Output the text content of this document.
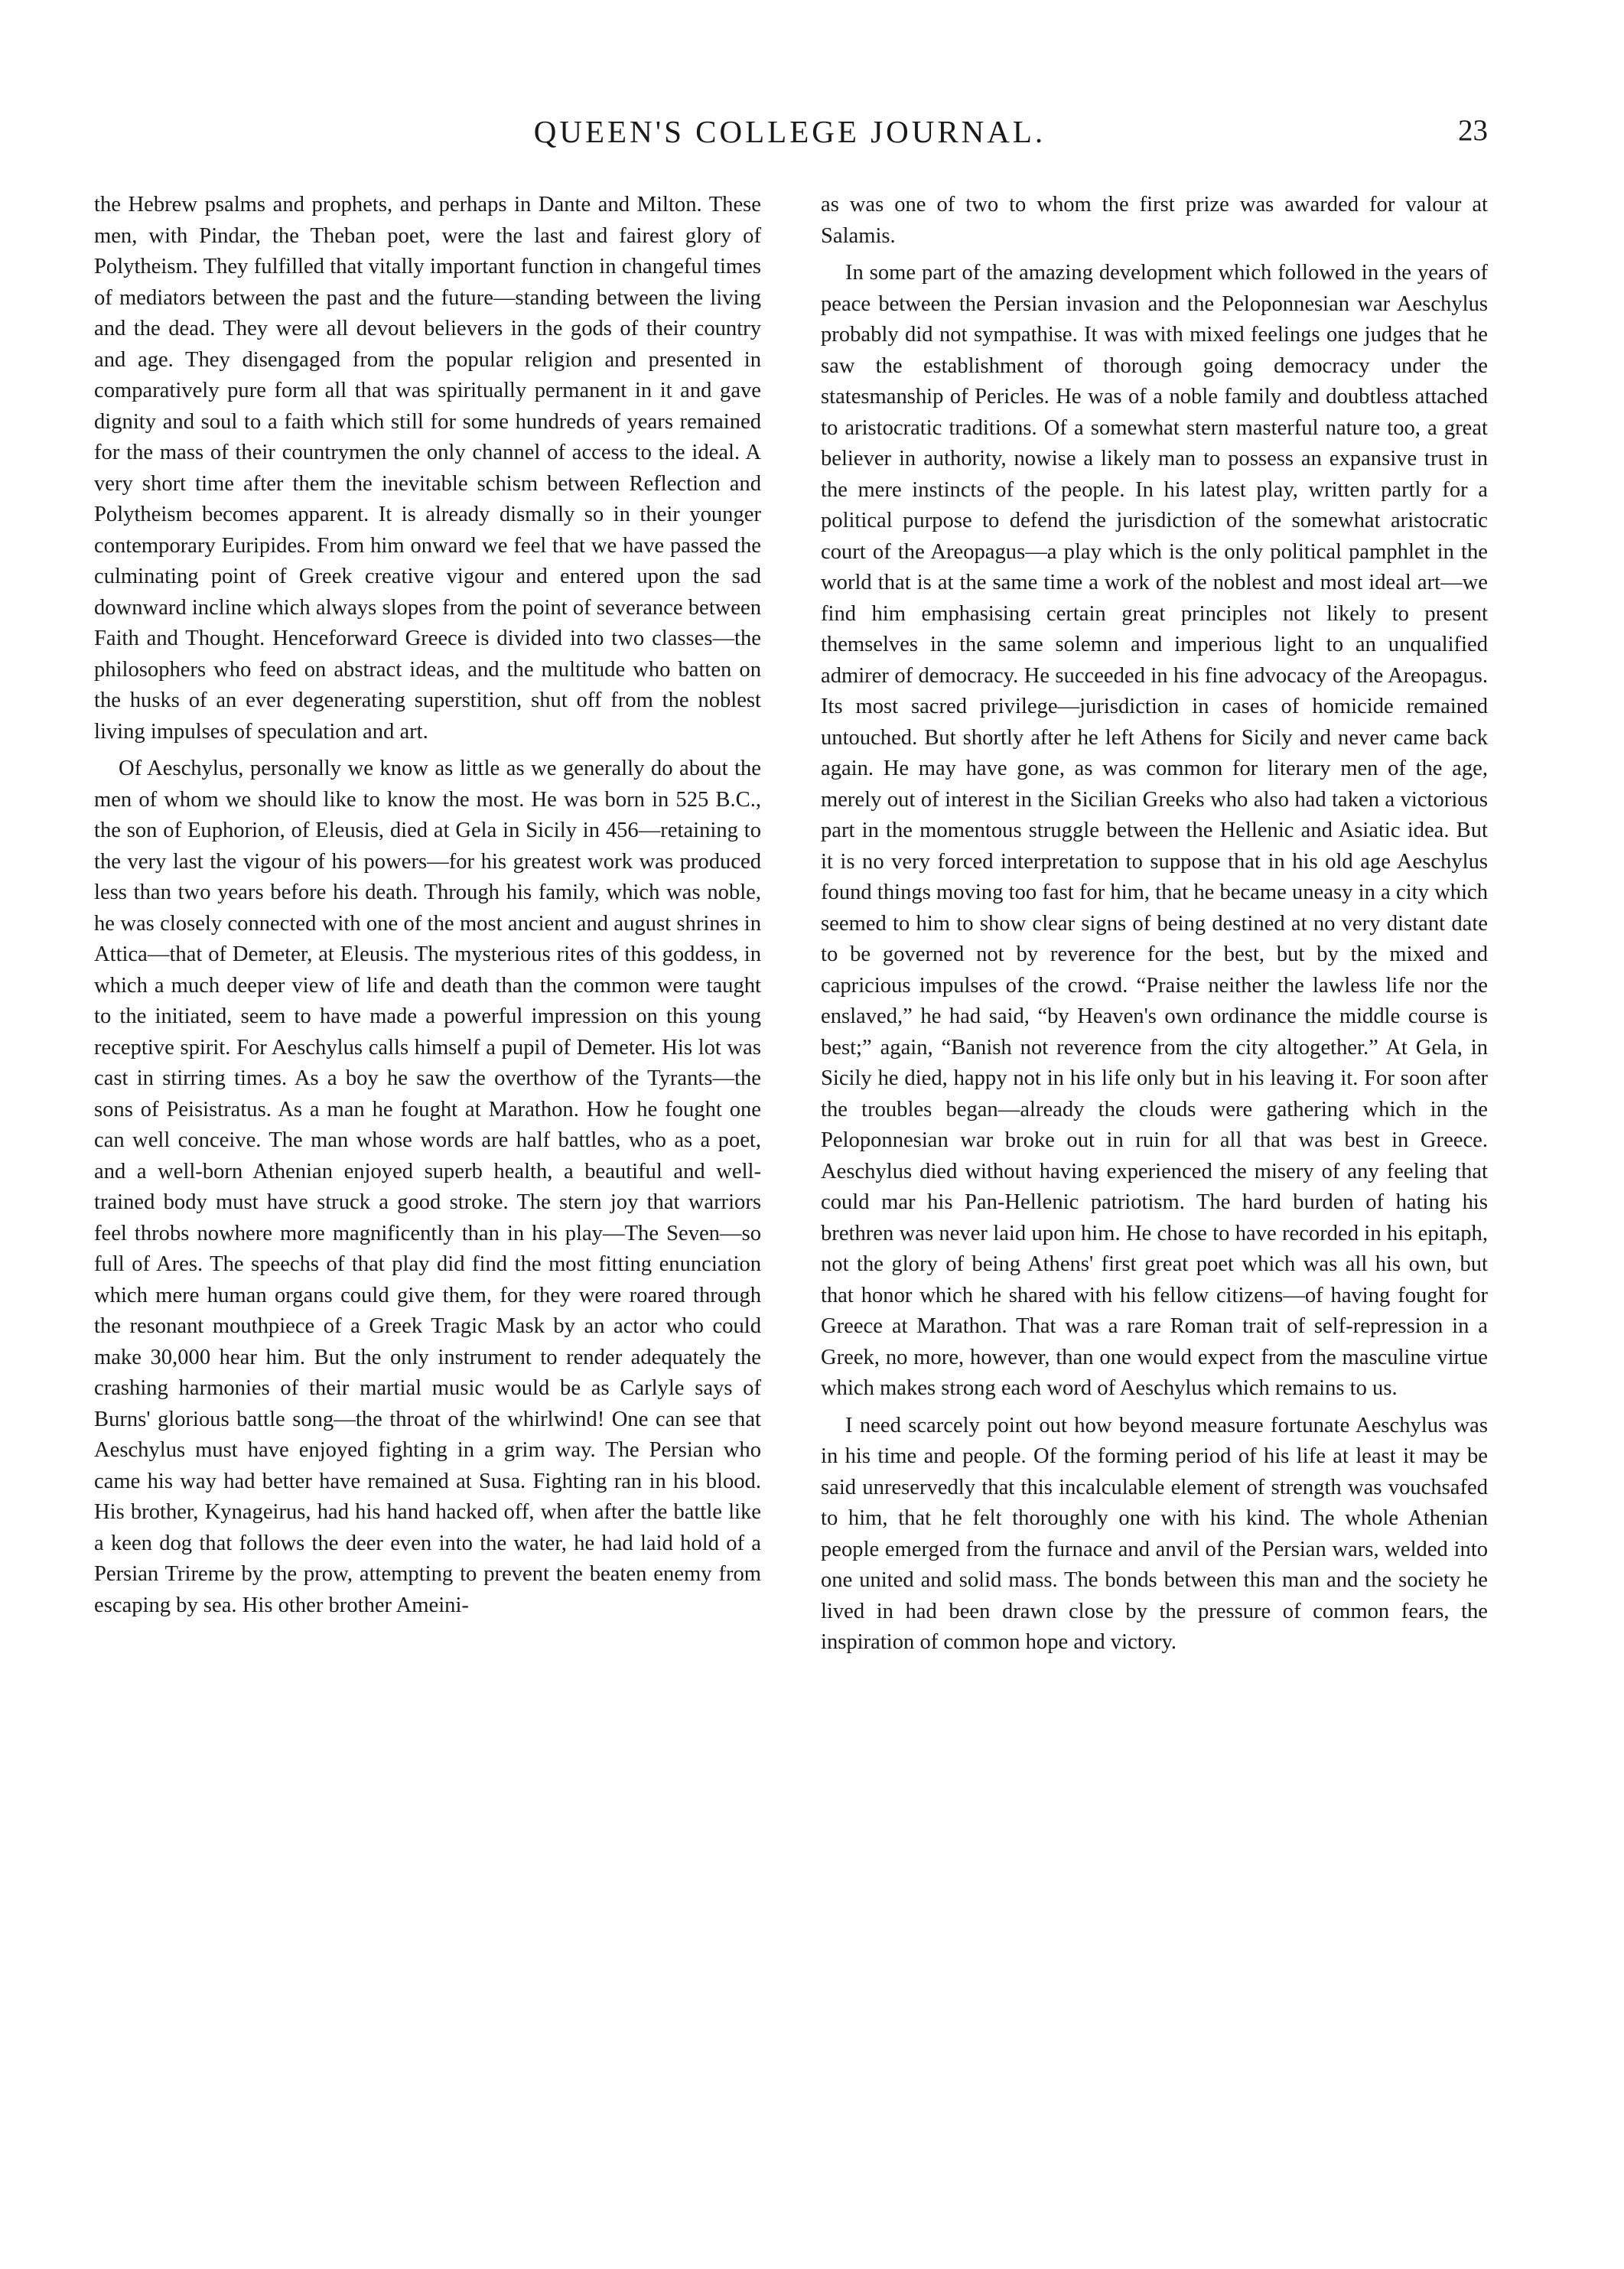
QUEEN'S COLLEGE JOURNAL.	23

the Hebrew psalms and prophets, and perhaps in Dante and Milton. These men, with Pindar, the Theban poet, were the last and fairest glory of Polytheism. They fulfilled that vitally important function in changeful times of mediators between the past and the future—standing between the living and the dead. They were all devout believers in the gods of their country and age. They disengaged from the popular religion and presented in comparatively pure form all that was spiritually permanent in it and gave dignity and soul to a faith which still for some hundreds of years remained for the mass of their countrymen the only channel of access to the ideal. A very short time after them the inevitable schism between Reflection and Polytheism becomes apparent. It is already dismally so in their younger contemporary Euripides. From him onward we feel that we have passed the culminating point of Greek creative vigour and entered upon the sad downward incline which always slopes from the point of severance between Faith and Thought. Henceforward Greece is divided into two classes—the philosophers who feed on abstract ideas, and the multitude who batten on the husks of an ever degenerating superstition, shut off from the noblest living impulses of speculation and art.

Of Aeschylus, personally we know as little as we generally do about the men of whom we should like to know the most. He was born in 525 B.C., the son of Euphorion, of Eleusis, died at Gela in Sicily in 456—retaining to the very last the vigour of his powers—for his greatest work was produced less than two years before his death. Through his family, which was noble, he was closely connected with one of the most ancient and august shrines in Attica—that of Demeter, at Eleusis. The mysterious rites of this goddess, in which a much deeper view of life and death than the common were taught to the initiated, seem to have made a powerful impression on this young receptive spirit. For Aeschylus calls himself a pupil of Demeter. His lot was cast in stirring times. As a boy he saw the overthow of the Tyrants—the sons of Peisistratus. As a man he fought at Marathon. How he fought one can well conceive. The man whose words are half battles, who as a poet, and a well-born Athenian enjoyed superb health, a beautiful and well-trained body must have struck a good stroke. The stern joy that warriors feel throbs nowhere more magnificently than in his play—The Seven—so full of Ares. The speechs of that play did find the most fitting enunciation which mere human organs could give them, for they were roared through the resonant mouthpiece of a Greek Tragic Mask by an actor who could make 30,000 hear him. But the only instrument to render adequately the crashing harmonies of their martial music would be as Carlyle says of Burns' glorious battle song—the throat of the whirlwind! One can see that Aeschylus must have enjoyed fighting in a grim way. The Persian who came his way had better have remained at Susa. Fighting ran in his blood. His brother, Kynageirus, had his hand hacked off, when after the battle like a keen dog that follows the deer even into the water, he had laid hold of a Persian Trireme by the prow, attempting to prevent the beaten enemy from escaping by sea. His other brother Ameini-

as was one of two to whom the first prize was awarded for valour at Salamis.

In some part of the amazing development which followed in the years of peace between the Persian invasion and the Peloponnesian war Aeschylus probably did not sympathise. It was with mixed feelings one judges that he saw the establishment of thorough going democracy under the statesmanship of Pericles. He was of a noble family and doubtless attached to aristocratic traditions. Of a somewhat stern masterful nature too, a great believer in authority, nowise a likely man to possess an expansive trust in the mere instincts of the people. In his latest play, written partly for a political purpose to defend the jurisdiction of the somewhat aristocratic court of the Areopagus—a play which is the only political pamphlet in the world that is at the same time a work of the noblest and most ideal art—we find him emphasising certain great principles not likely to present themselves in the same solemn and imperious light to an unqualified admirer of democracy. He succeeded in his fine advocacy of the Areopagus. Its most sacred privilege—jurisdiction in cases of homicide remained untouched. But shortly after he left Athens for Sicily and never came back again. He may have gone, as was common for literary men of the age, merely out of interest in the Sicilian Greeks who also had taken a victorious part in the momentous struggle between the Hellenic and Asiatic idea. But it is no very forced interpretation to suppose that in his old age Aeschylus found things moving too fast for him, that he became uneasy in a city which seemed to him to show clear signs of being destined at no very distant date to be governed not by reverence for the best, but by the mixed and capricious impulses of the crowd. “Praise neither the lawless life nor the enslaved,” he had said, “by Heaven's own ordinance the middle course is best;” again, “Banish not reverence from the city altogether.” At Gela, in Sicily he died, happy not in his life only but in his leaving it. For soon after the troubles began—already the clouds were gathering which in the Peloponnesian war broke out in ruin for all that was best in Greece. Aeschylus died without having experienced the misery of any feeling that could mar his Pan-Hellenic patriotism. The hard burden of hating his brethren was never laid upon him. He chose to have recorded in his epitaph, not the glory of being Athens' first great poet which was all his own, but that honor which he shared with his fellow citizens—of having fought for Greece at Marathon. That was a rare Roman trait of self-repression in a Greek, no more, however, than one would expect from the masculine virtue which makes strong each word of Aeschylus which remains to us.

I need scarcely point out how beyond measure fortunate Aeschylus was in his time and people. Of the forming period of his life at least it may be said unreservedly that this incalculable element of strength was vouchsafed to him, that he felt thoroughly one with his kind. The whole Athenian people emerged from the furnace and anvil of the Persian wars, welded into one united and solid mass. The bonds between this man and the society he lived in had been drawn close by the pressure of common fears, the inspiration of common hope and victory.
